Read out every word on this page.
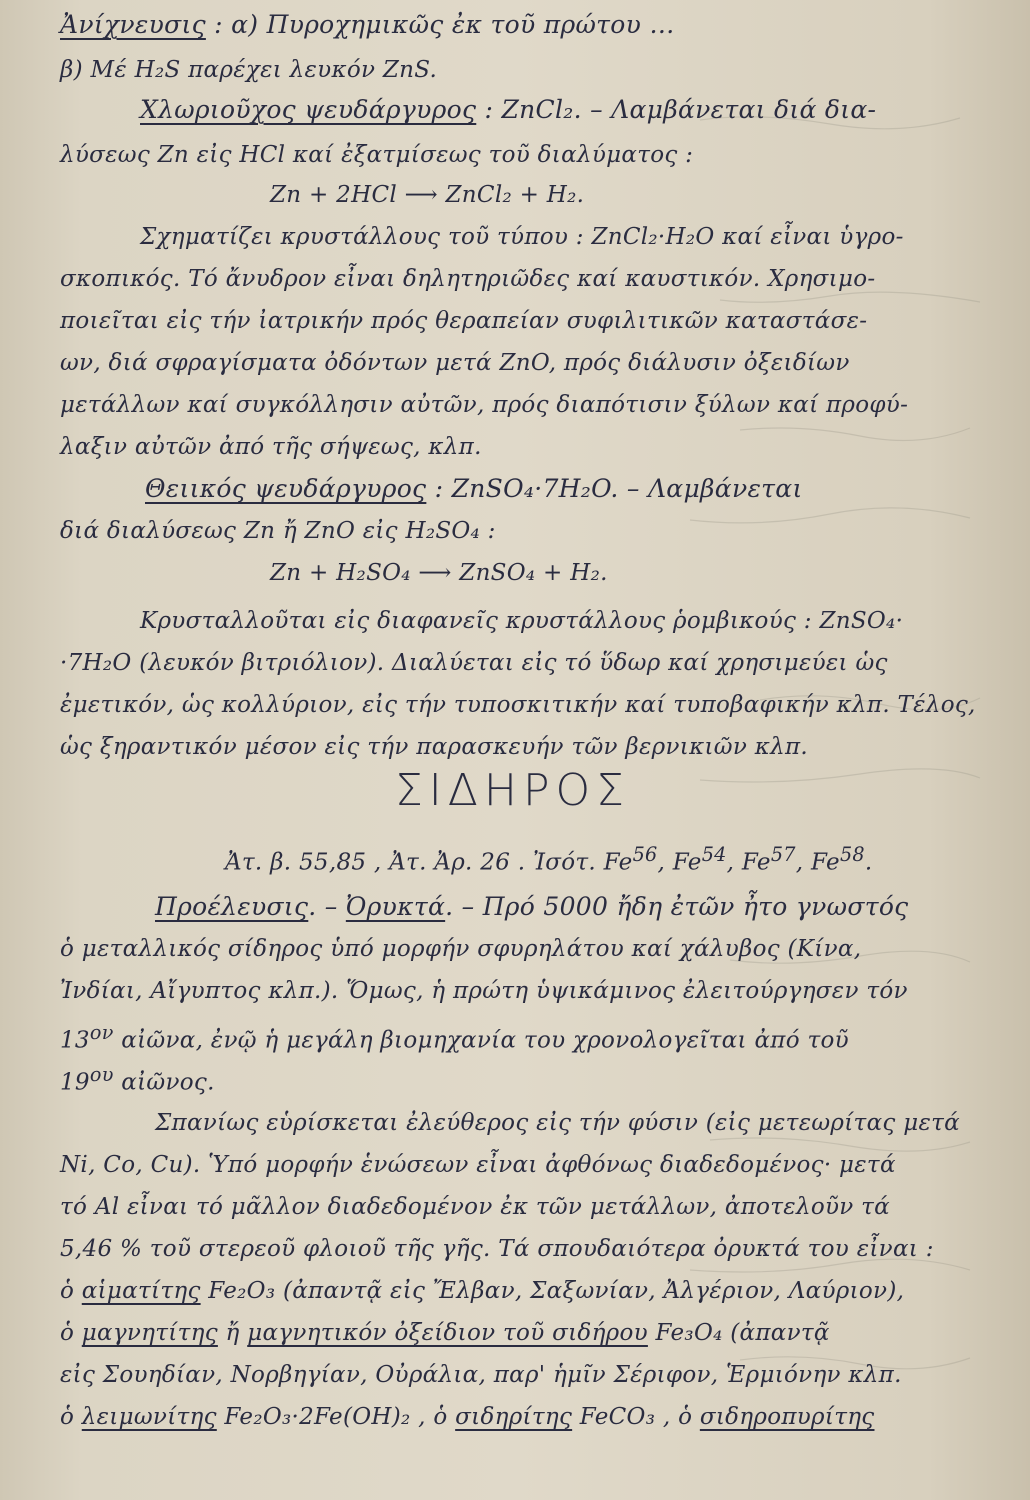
Ἀνίχνευσις : α) Πυροχημικῶς ἐκ τοῦ πρώτου …
β) Μέ H₂S παρέχει λευκόν ZnS.
Χλωριοῦχος ψευδάργυρος : ZnCl₂. – Λαμβάνεται διά δια-
λύσεως Zn εἰς HCl καί ἐξατμίσεως τοῦ διαλύματος :
Zn + 2HCl ⟶ ZnCl₂ + H₂.
Σχηματίζει κρυστάλλους τοῦ τύπου : ZnCl₂·H₂O καί εἶναι ὑγρο-
σκοπικός. Τό ἄνυδρον εἶναι δηλητηριῶδες καί καυστικόν. Χρησιμο-
ποιεῖται εἰς τήν ἰατρικήν πρός θεραπείαν συφιλιτικῶν καταστάσε-
ων, διά σφραγίσματα ὀδόντων μετά ZnO, πρός διάλυσιν ὀξειδίων
μετάλλων καί συγκόλλησιν αὐτῶν, πρός διαπότισιν ξύλων καί προφύ-
λαξιν αὐτῶν ἀπό τῆς σήψεως, κλπ.
Θειικός ψευδάργυρος : ZnSO₄·7H₂O. – Λαμβάνεται
διά διαλύσεως Zn ἤ ZnO εἰς H₂SO₄ :
Zn + H₂SO₄ ⟶ ZnSO₄ + H₂.
Κρυσταλλοῦται εἰς διαφανεῖς κρυστάλλους ῥομβικούς : ZnSO₄·
·7H₂O (λευκόν βιτριόλιον). Διαλύεται εἰς τό ὕδωρ καί χρησιμεύει ὡς
ἐμετικόν, ὡς κολλύριον, εἰς τήν τυποσκιτικήν καί τυποβαφικήν κλπ. Τέλος,
ὡς ξηραντικόν μέσον εἰς τήν παρασκευήν τῶν βερνικιῶν κλπ.
ΣΙΔΗΡΟΣ
Ἀτ. β. 55,85 , Ἀτ. Ἀρ. 26 . Ἰσότ. Fe$^{56}$, Fe$^{54}$, Fe$^{57}$, Fe$^{58}$.
Προέλευσις. – Ὀρυκτά. – Πρό 5000 ἤδη ἐτῶν ἦτο γνωστός
ὁ μεταλλικός σίδηρος ὑπό μορφήν σφυρηλάτου καί χάλυβος (Κίνα,
Ἰνδίαι, Αἴγυπτος κλπ.). Ὅμως, ἡ πρώτη ὑψικάμινος ἐλειτούργησεν τόν
$13^{o\nu}$ αἰῶνα, ἐνῷ ἡ μεγάλη βιομηχανία του χρονολογεῖται ἀπό τοῦ
$19^{o\upsilon}$ αἰῶνος.
Σπανίως εὑρίσκεται ἐλεύθερος εἰς τήν φύσιν (εἰς μετεωρίτας μετά
Ni, Co, Cu). Ὑπό μορφήν ἑνώσεων εἶναι ἀφθόνως διαδεδομένος· μετά
τό Al εἶναι τό μᾶλλον διαδεδομένον ἐκ τῶν μετάλλων, ἀποτελοῦν τά
5,46 % τοῦ στερεοῦ φλοιοῦ τῆς γῆς. Τά σπουδαιότερα ὀρυκτά του εἶναι :
ὁ αἱματίτης Fe₂O₃ (ἀπαντᾷ εἰς Ἔλβαν, Σαξωνίαν, Ἀλγέριον, Λαύριον),
ὁ μαγνητίτης ἤ μαγνητικόν ὀξείδιον τοῦ σιδήρου Fe₃O₄ (ἀπαντᾷ
εἰς Σουηδίαν, Νορβηγίαν, Οὐράλια, παρ' ἡμῖν Σέριφον, Ἑρμιόνην κλπ.
ὁ λειμωνίτης Fe₂O₃·2Fe(OH)₂ , ὁ σιδηρίτης FeCO₃ , ὁ σιδηροπυρίτης
